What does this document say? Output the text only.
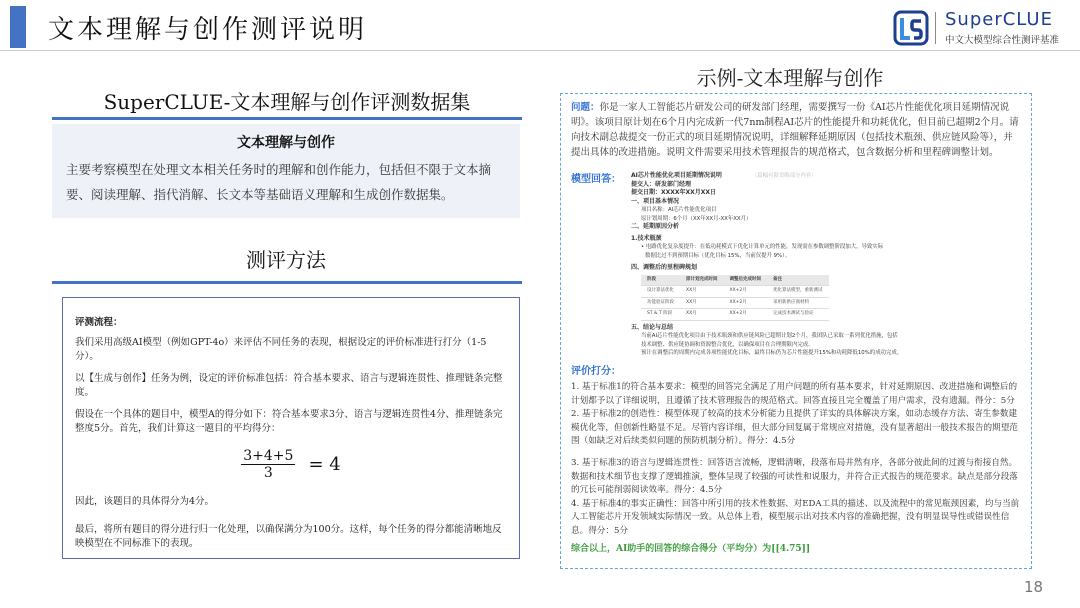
文本理解与创作测评说明	SuperCLUE
中文大模型综合性测评基准
SuperCLUE-文本理解与创作评测数据集
文本理解与创作

主要考察模型在处理文本相关任务时的理解和创作能力，包括但不限于文本摘要、阅读理解、指代消解、长文本等基础语义理解和生成创作数据集。

测评方法
评测流程：
我们采用高级AI模型（例如GPT-4o）来评估不同任务的表现，根据设定的评价标准进行打分（1-5分）。
以【生成与创作】任务为例，设定的评价标准包括：符合基本要求、语言与逻辑连贯性、推理链条完整度。
假设在一个具体的题目中，模型A的得分如下：符合基本要求3分、语言与逻辑连贯性4分、推理链条完整度5分。首先，我们计算这一题目的平均得分：
$\frac{3+4+5}{3} = 4$
因此，该题目的具体得分为4分。
最后，将所有题目的得分进行归一化处理，以确保满分为100分。这样，每个任务的得分都能清晰地反映模型在不同标准下的表现。
示例-文本理解与创作
问题：你是一家人工智能芯片研发公司的研发部门经理，需要撰写一份《AI芯片性能优化项目延期情况说明》。该项目原计划在6个月内完成新一代7nm制程AI芯片的性能提升和功耗优化，但目前已超期2个月。请向技术副总裁提交一份正式的项目延期情况说明，详细解释延期原因（包括技术瓶颈、供应链风险等），并提出具体的改进措施。说明文件需要采用技术管理报告的规范格式，包含数据分析和里程碑调整计划。
模型回答： AI芯片性能优化项目延期情况说明	（篇幅有限省略部分内容）
提交人：研发部门经理
提交日期：XXXX年XX月XX日
一、项目基本情况
项目名称：AI芯片性能优化项目
原计划周期：6个月（XX年XX月-XX年XX月）
二、延期原因分析
1.技术瓶颈
• 电路优化复杂度提升：在低功耗模式下优化计算单元的性能，发现需在参数调整阶段加大，导致实际
数据比过不到预期目标（优化目标 15%，当前仅提升 9%）。
四、调整后的里程碑规划
阶段	原计划完成时间	调整后完成时间	备注
设计算法优化	XX月	XX+2月	优化算法模型，重新测试
功能验证阶段	XX月	XX+2月	采用新供应商材料
ST & T 阶段	XX月	XX+2月	完成技术测试与验证
五、结论与总结
当前AI芯片性能优化项目由于技术瓶颈和供应链风险已超期计划2个月，我团队已采取一系列优化措施，包括
技术调整、供应链协调和资源整合优化，以确保项目在合理期限内完成。
预计在调整后的周期内完成各项性能优化目标，最终目标仍为芯片性能提升15%和功耗降低10%的成功完成。
评价打分：
1. 基于标准1的符合基本要求：模型的回答完全满足了用户问题的所有基本要求，针对延期原因、改进措施和调整后的计划都予以了详细说明，且遵循了技术管理报告的规范格式。回答直接且完全覆盖了用户需求，没有遗漏。得分：5分
2. 基于标准2的创造性：模型体现了较高的技术分析能力且提供了详实的具体解决方案，如动态缓存方法、寄生参数建模优化等，但创新性略显不足。尽管内容详细，但大部分回复属于常规应对措施，没有显著超出一般技术报告的期望范围（如缺乏对后续类似问题的预防机制分析）。得分：4.5分
3. 基于标准3的语言与逻辑连贯性：回答语言流畅，逻辑清晰，段落布局井然有序，各部分彼此间的过渡与衔接自然。数据和技术细节也支撑了逻辑推演，整体呈现了较强的可读性和说服力，并符合正式报告的规范要求。缺点是部分段落的冗长可能削弱阅读效率。得分：4.5分
4. 基于标准4的事实正确性：回答中所引用的技术性数据、对EDA工具的描述、以及流程中的常见瓶颈因素，均与当前人工智能芯片开发领域实际情况一致。从总体上看，模型展示出对技术内容的准确把握，没有明显误导性或错误性信息。得分：5分
综合以上，AI助手的回答的综合得分（平均分）为[[4.75]]
18
